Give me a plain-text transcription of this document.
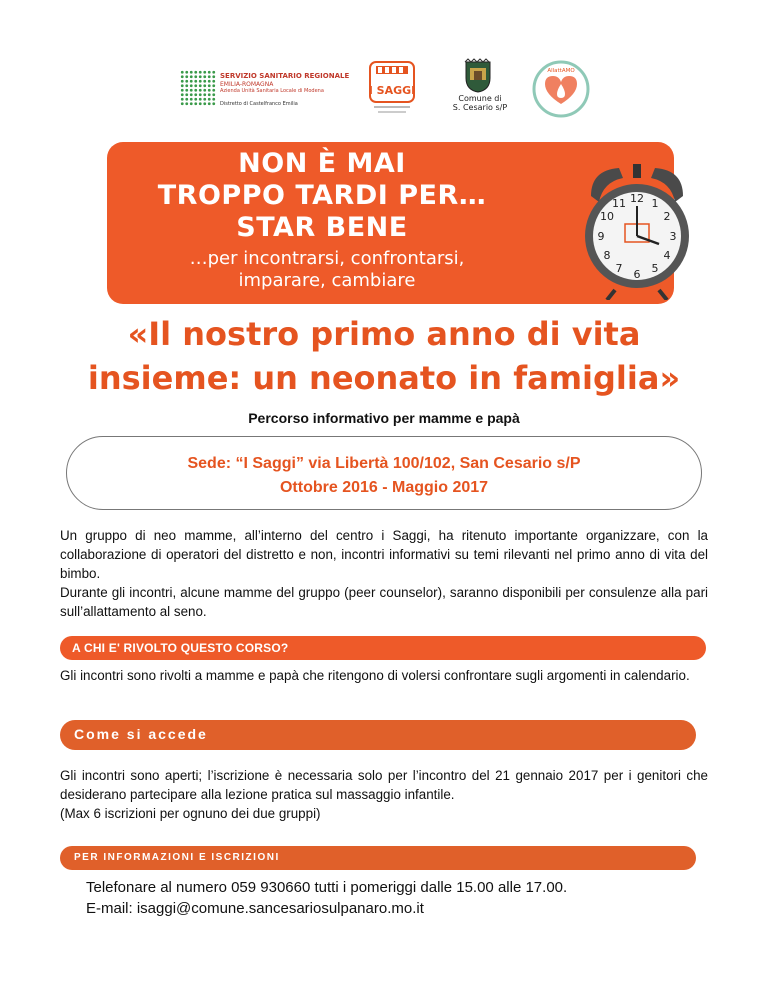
SERVIZIO SANITARIO REGIONALE
EMILIA-ROMAGNA
Azienda Unità Sanitaria Locale di Modena
Distretto di Castelfranco Emilia
I SAGGI
Comune di
S. Cesario s/P
AllattAMO
NON È MAI
TROPPO TARDI PER…
STAR BENE
…per incontrarsi, confrontarsi,
imparare, cambiare
12 1
2
3
4
5
6
7
8
9
10
11
«Il nostro primo anno di vita
insieme: un neonato in famiglia»
Percorso informativo per mamme e papà
Sede: “I Saggi” via Libertà 100/102, San Cesario s/P
Ottobre 2016 - Maggio 2017

Un gruppo di neo mamme, all’interno del centro i Saggi, ha ritenuto importante organizzare, con la collaborazione di operatori del distretto e non, incontri informativi su temi rilevanti nel primo anno di vita del bimbo.

Durante gli incontri, alcune mamme del gruppo (peer counselor), saranno disponibili per consulenze alla pari sull’allattamento al seno.

A CHI E' RIVOLTO QUESTO CORSO?

Gli incontri sono rivolti a mamme e papà che ritengono di volersi confrontare sugli argomenti in calendario.

Come si accede

Gli incontri sono aperti; l’iscrizione è necessaria solo per l’incontro del 21 gennaio 2017 per i genitori che desiderano partecipare alla lezione pratica sul massaggio infantile.

(Max 6 iscrizioni per ognuno dei due gruppi)

PER INFORMAZIONI E ISCRIZIONI
Telefonare al numero 059 930660 tutti i pomeriggi dalle 15.00 alle 17.00.
E-mail: isaggi@comune.sancesariosulpanaro.mo.it
